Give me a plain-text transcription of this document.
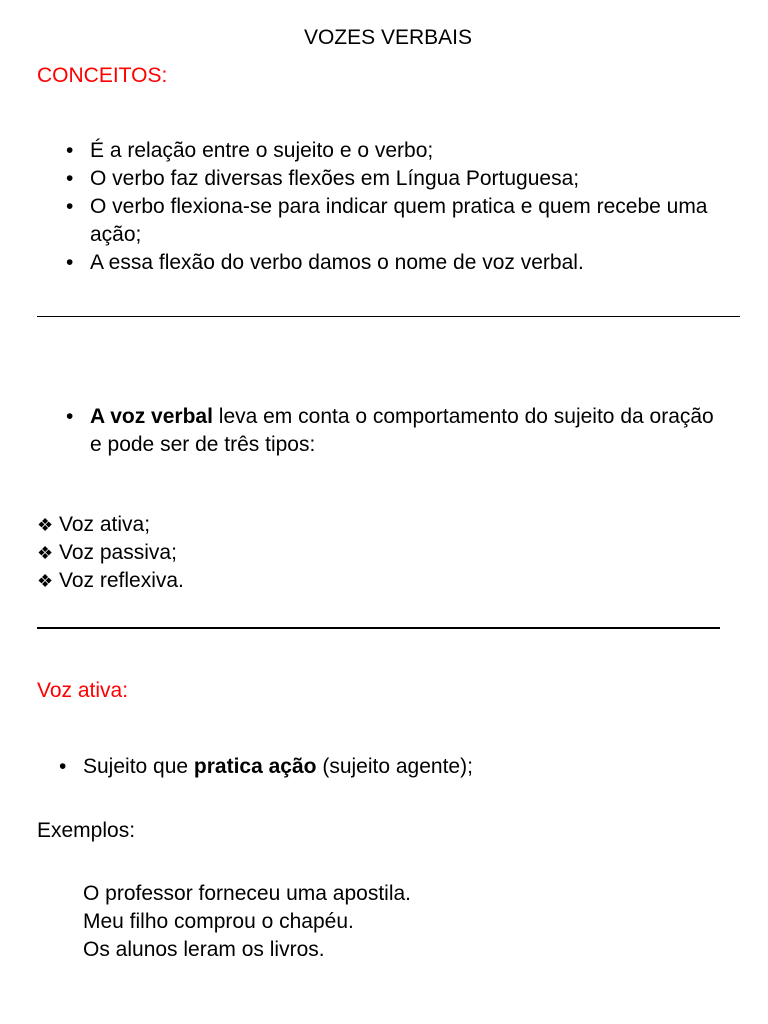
VOZES VERBAIS
CONCEITOS:
• É a relação entre o sujeito e o verbo;
• O verbo faz diversas flexões em Língua Portuguesa;
• O verbo flexiona-se para indicar quem pratica e quem recebe uma ação;
• A essa flexão do verbo damos o nome de voz verbal.
• A voz verbal leva em conta o comportamento do sujeito da oração e pode ser de três tipos:
❖ Voz ativa;
❖ Voz passiva;
❖ Voz reflexiva.
Voz ativa:
• Sujeito que pratica ação (sujeito agente);
Exemplos:
O professor forneceu uma apostila.
Meu filho comprou o chapéu.
Os alunos leram os livros.
